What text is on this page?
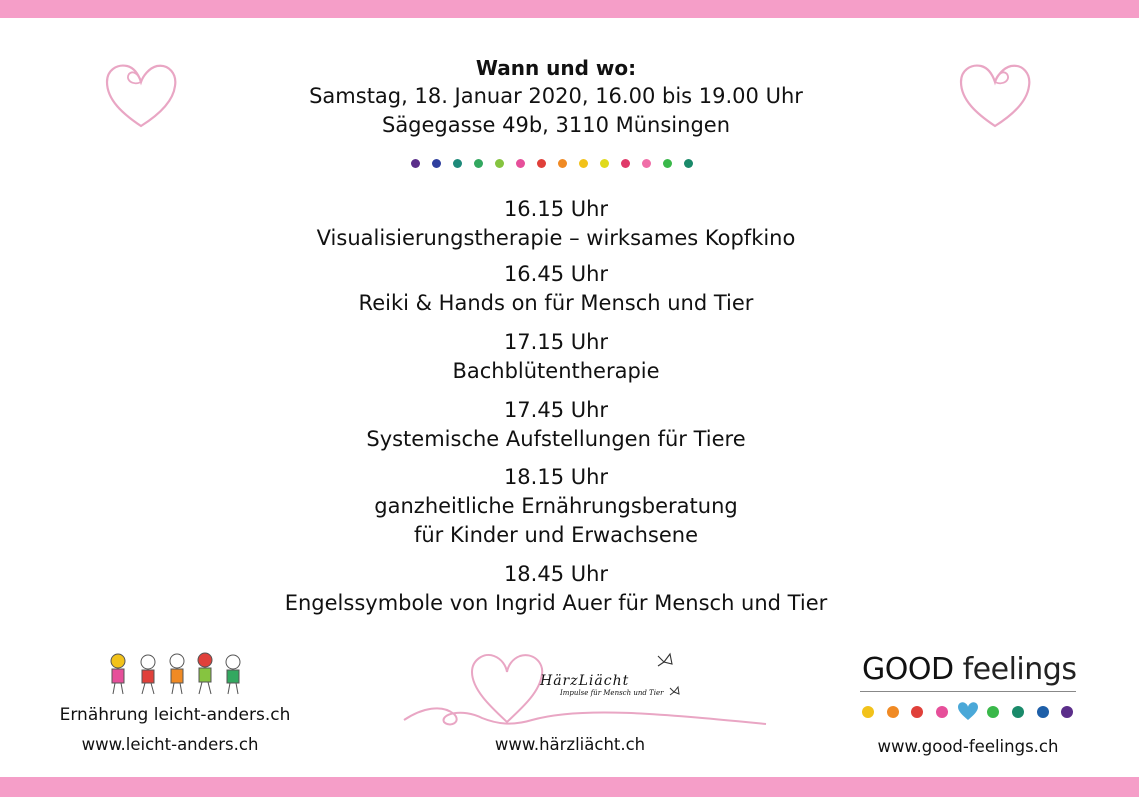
Wann und wo:
Samstag, 18. Januar 2020, 16.00 bis 19.00 Uhr
Sägegasse 49b, 3110 Münsingen
16.15 Uhr
Visualisierungstherapie – wirksames Kopfkino
16.45 Uhr
Reiki & Hands on für Mensch und Tier
17.15 Uhr
Bachblütentherapie
17.45 Uhr
Systemische Aufstellungen für Tiere
18.15 Uhr
ganzheitliche Ernährungsberatung
für Kinder und Erwachsene
18.45 Uhr
Engelssymbole von Ingrid Auer für Mensch und Tier
Ernährung leicht-anders.ch
www.leicht-anders.ch
HärzLiächt
Impulse für Mensch und Tier
www.härzliächt.ch
GOOD feelings
www.good-feelings.ch
